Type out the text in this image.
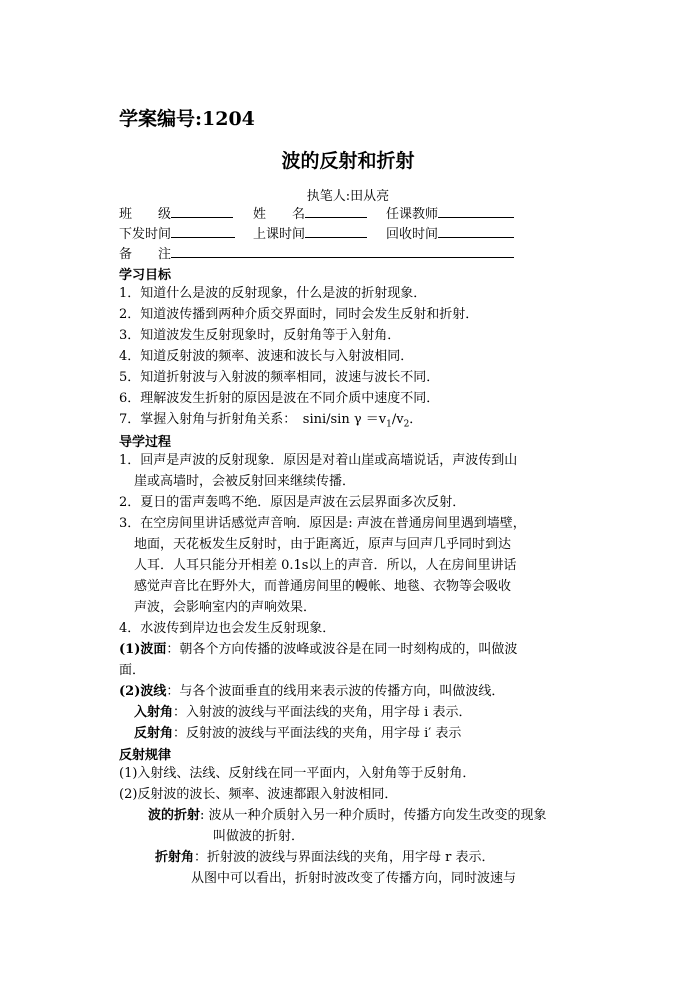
学案编号:1204
波的反射和折射
执笔人:田从亮
班　　级	姓　　名	任课教师
下发时间	上课时间	回收时间
备　　注
学习目标
1．知道什么是波的反射现象，什么是波的折射现象．
2．知道波传播到两种介质交界面时，同时会发生反射和折射．
3．知道波发生反射现象时，反射角等于入射角．
4．知道反射波的频率、波速和波长与入射波相同．
5．知道折射波与入射波的频率相同，波速与波长不同．
6．理解波发生折射的原因是波在不同介质中速度不同．
7．掌握入射角与折射角关系：　sini/sin $\gamma =v_1/v_2$．
导学过程
1．回声是声波的反射现象．原因是对着山崖或高墙说话，声波传到山
崖或高墙时，会被反射回来继续传播．
2．夏日的雷声轰鸣不绝．原因是声波在云层界面多次反射．
3．在空房间里讲话感觉声音响．原因是: 声波在普通房间里遇到墙壁，
地面，天花板发生反射时，由于距离近，原声与回声几乎同时到达
人耳．人耳只能分开相差 0.1s以上的声音．所以，人在房间里讲话
感觉声音比在野外大，而普通房间里的幔帐、地毯、衣物等会吸收
声波，会影响室内的声响效果．
4．水波传到岸边也会发生反射现象．
(1)波面：朝各个方向传播的波峰或波谷是在同一时刻构成的，叫做波
面．
(2)波线：与各个波面垂直的线用来表示波的传播方向，叫做波线．
入射角：入射波的波线与平面法线的夹角，用字母 i 表示．
反射角：反射波的波线与平面法线的夹角，用字母 i′ 表示
反射规律
(1)入射线、法线、反射线在同一平面内，入射角等于反射角．
(2)反射波的波长、频率、波速都跟入射波相同．
波的折射: 波从一种介质射入另一种介质时，传播方向发生改变的现象
叫做波的折射．
折射角：折射波的波线与界面法线的夹角，用字母 r 表示．
从图中可以看出，折射时波改变了传播方向，同时波速与
